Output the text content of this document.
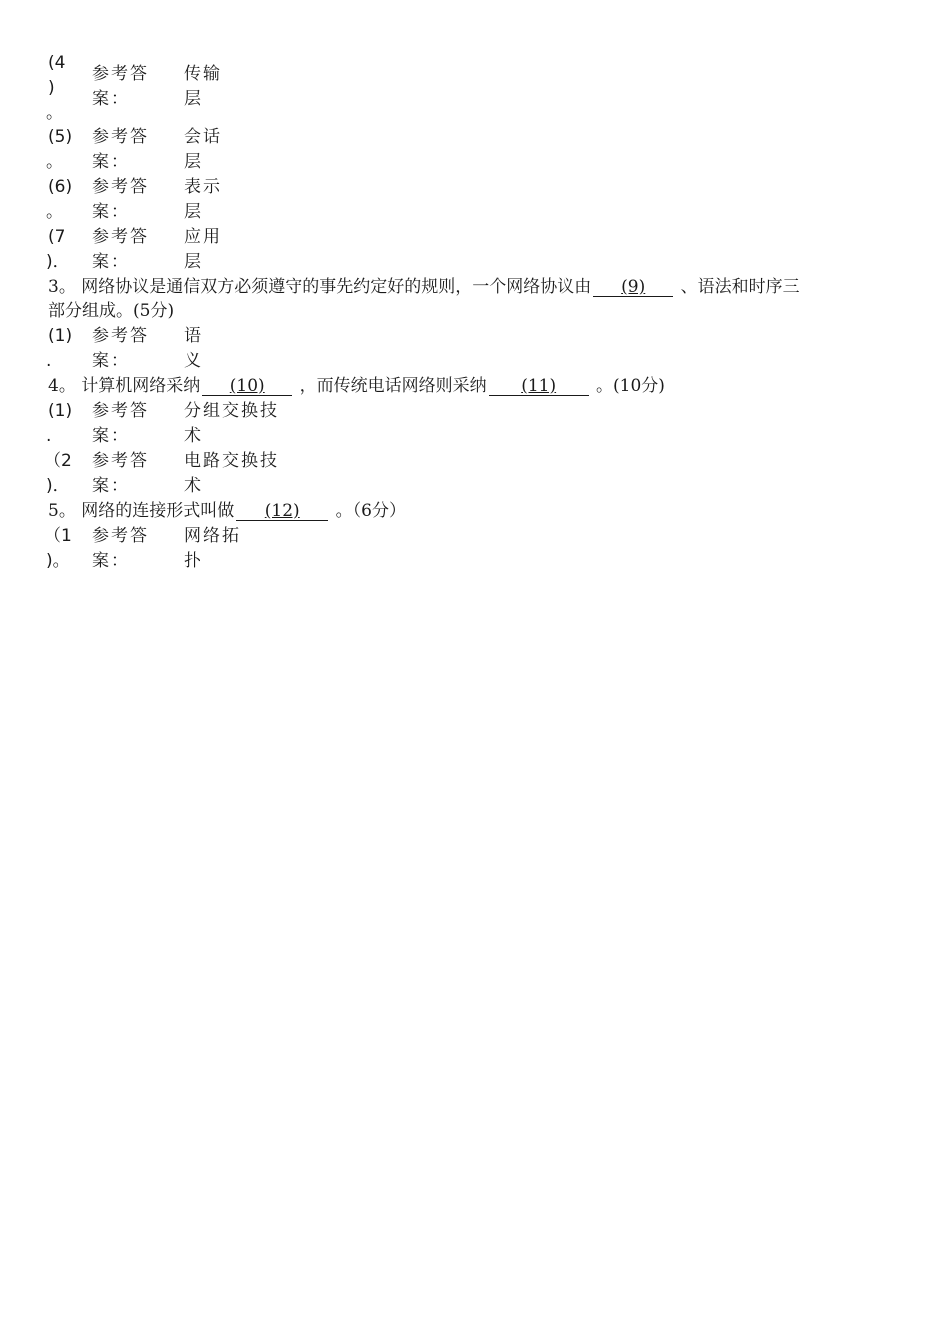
(4
)
。
参考答
案：
传输
层
(5)
。
参考答
案：
会话
层
(6)
。
参考答
案：
表示
层
(7
)．
参考答
案：
应用
层
3。 网络协议是通信双方必须遵守的事先约定好的规则，一个网络协议由 (9) 、语法和时序三
部分组成。(5分)
(1)
.
参考答
案：
语
义
4。 计算机网络采纳 (10) ，而传统电话网络则采纳 (11) 。(10分)
(1)
.
参考答
案：
分组交换技
术
（2
)．
参考答
案：
电路交换技
术
5。 网络的连接形式叫做 (12) 。（6分）
（1
)。
参考答
案：
网络拓
扑
